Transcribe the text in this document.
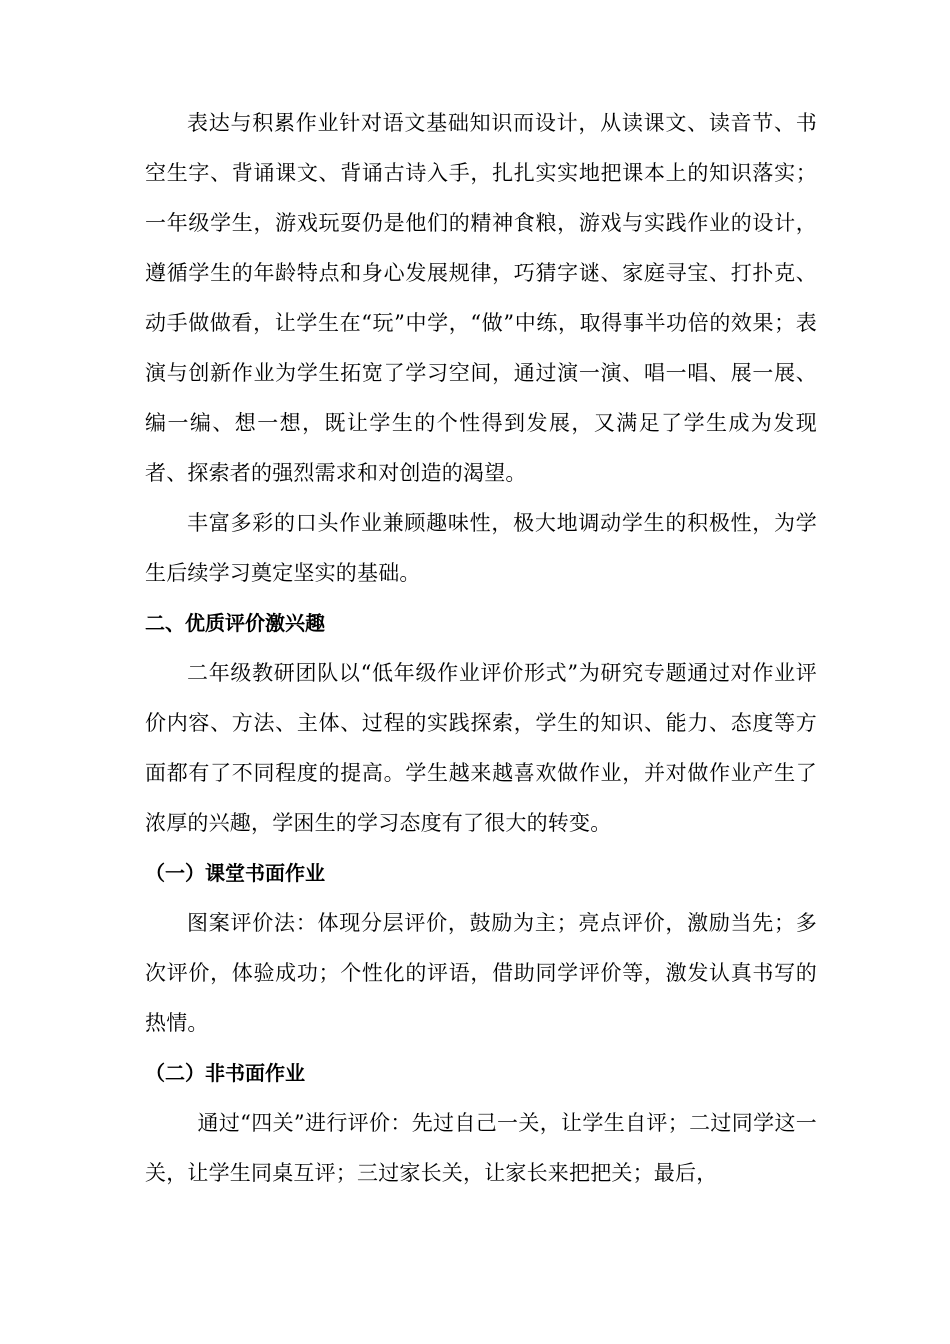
表达与积累作业针对语文基础知识而设计，从读课文、读音节、书空生字、背诵课文、背诵古诗入手，扎扎实实地把课本上的知识落实；一年级学生，游戏玩耍仍是他们的精神食粮，游戏与实践作业的设计，遵循学生的年龄特点和身心发展规律，巧猜字谜、家庭寻宝、打扑克、动手做做看，让学生在“玩”中学，“做”中练，取得事半功倍的效果；表演与创新作业为学生拓宽了学习空间，通过演一演、唱一唱、展一展、编一编、想一想，既让学生的个性得到发展，又满足了学生成为发现者、探索者的强烈需求和对创造的渴望。

丰富多彩的口头作业兼顾趣味性，极大地调动学生的积极性，为学生后续学习奠定坚实的基础。

二、优质评价激兴趣

二年级教研团队以“低年级作业评价形式”为研究专题通过对作业评价内容、方法、主体、过程的实践探索，学生的知识、能力、态度等方面都有了不同程度的提高。学生越来越喜欢做作业，并对做作业产生了浓厚的兴趣，学困生的学习态度有了很大的转变。

（一）课堂书面作业

图案评价法：体现分层评价，鼓励为主；亮点评价，激励当先；多次评价，体验成功；个性化的评语，借助同学评价等，激发认真书写的热情。

（二）非书面作业

通过“四关”进行评价：先过自己一关，让学生自评；二过同学这一关，让学生同桌互评；三过家长关，让家长来把把关；最后，
